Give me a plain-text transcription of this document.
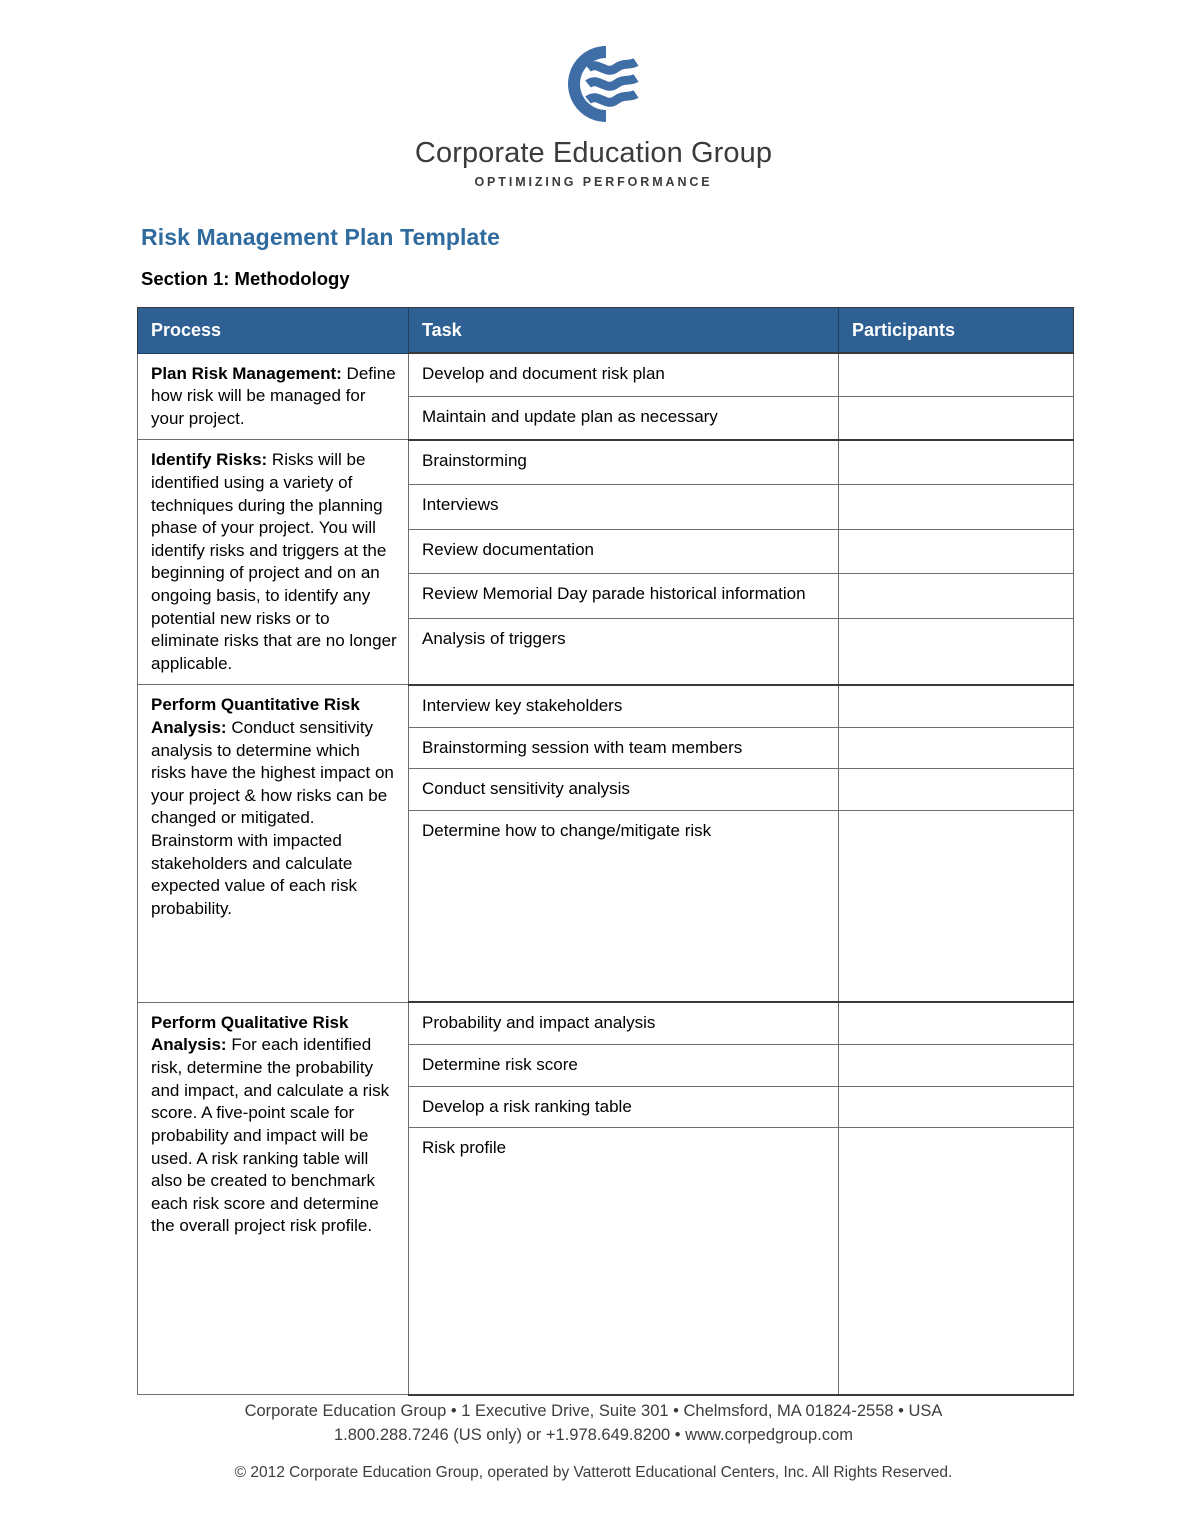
Corporate Education Group
OPTIMIZING PERFORMANCE
Risk Management Plan Template
Section 1: Methodology
Process	Task	Participants
Plan Risk Management: Define how risk will be managed for your project.	Develop and document risk plan	
	Maintain and update plan as necessary	
Identify Risks: Risks will be identified using a variety of techniques during the planning phase of your project. You will identify risks and triggers at the beginning of project and on an ongoing basis, to identify any potential new risks or to eliminate risks that are no longer applicable.	Brainstorming	
	Interviews	
	Review documentation	
	Review Memorial Day parade historical information	
	Analysis of triggers	
Perform Quantitative Risk Analysis: Conduct sensitivity analysis to determine which risks have the highest impact on your project & how risks can be changed or mitigated. Brainstorm with impacted stakeholders and calculate expected value of each risk probability.	Interview key stakeholders	
	Brainstorming session with team members	
	Conduct sensitivity analysis	
	Determine how to change/mitigate risk	
Perform Qualitative Risk Analysis: For each identified risk, determine the probability and impact, and calculate a risk score. A five-point scale for probability and impact will be used. A risk ranking table will also be created to benchmark each risk score and determine the overall project risk profile.	Probability and impact analysis	
	Determine risk score	
	Develop a risk ranking table	
	Risk profile	
Corporate Education Group • 1 Executive Drive, Suite 301 • Chelmsford, MA 01824-2558 • USA
1.800.288.7246 (US only) or +1.978.649.8200 • www.corpedgroup.com
© 2012 Corporate Education Group, operated by Vatterott Educational Centers, Inc. All Rights Reserved.
